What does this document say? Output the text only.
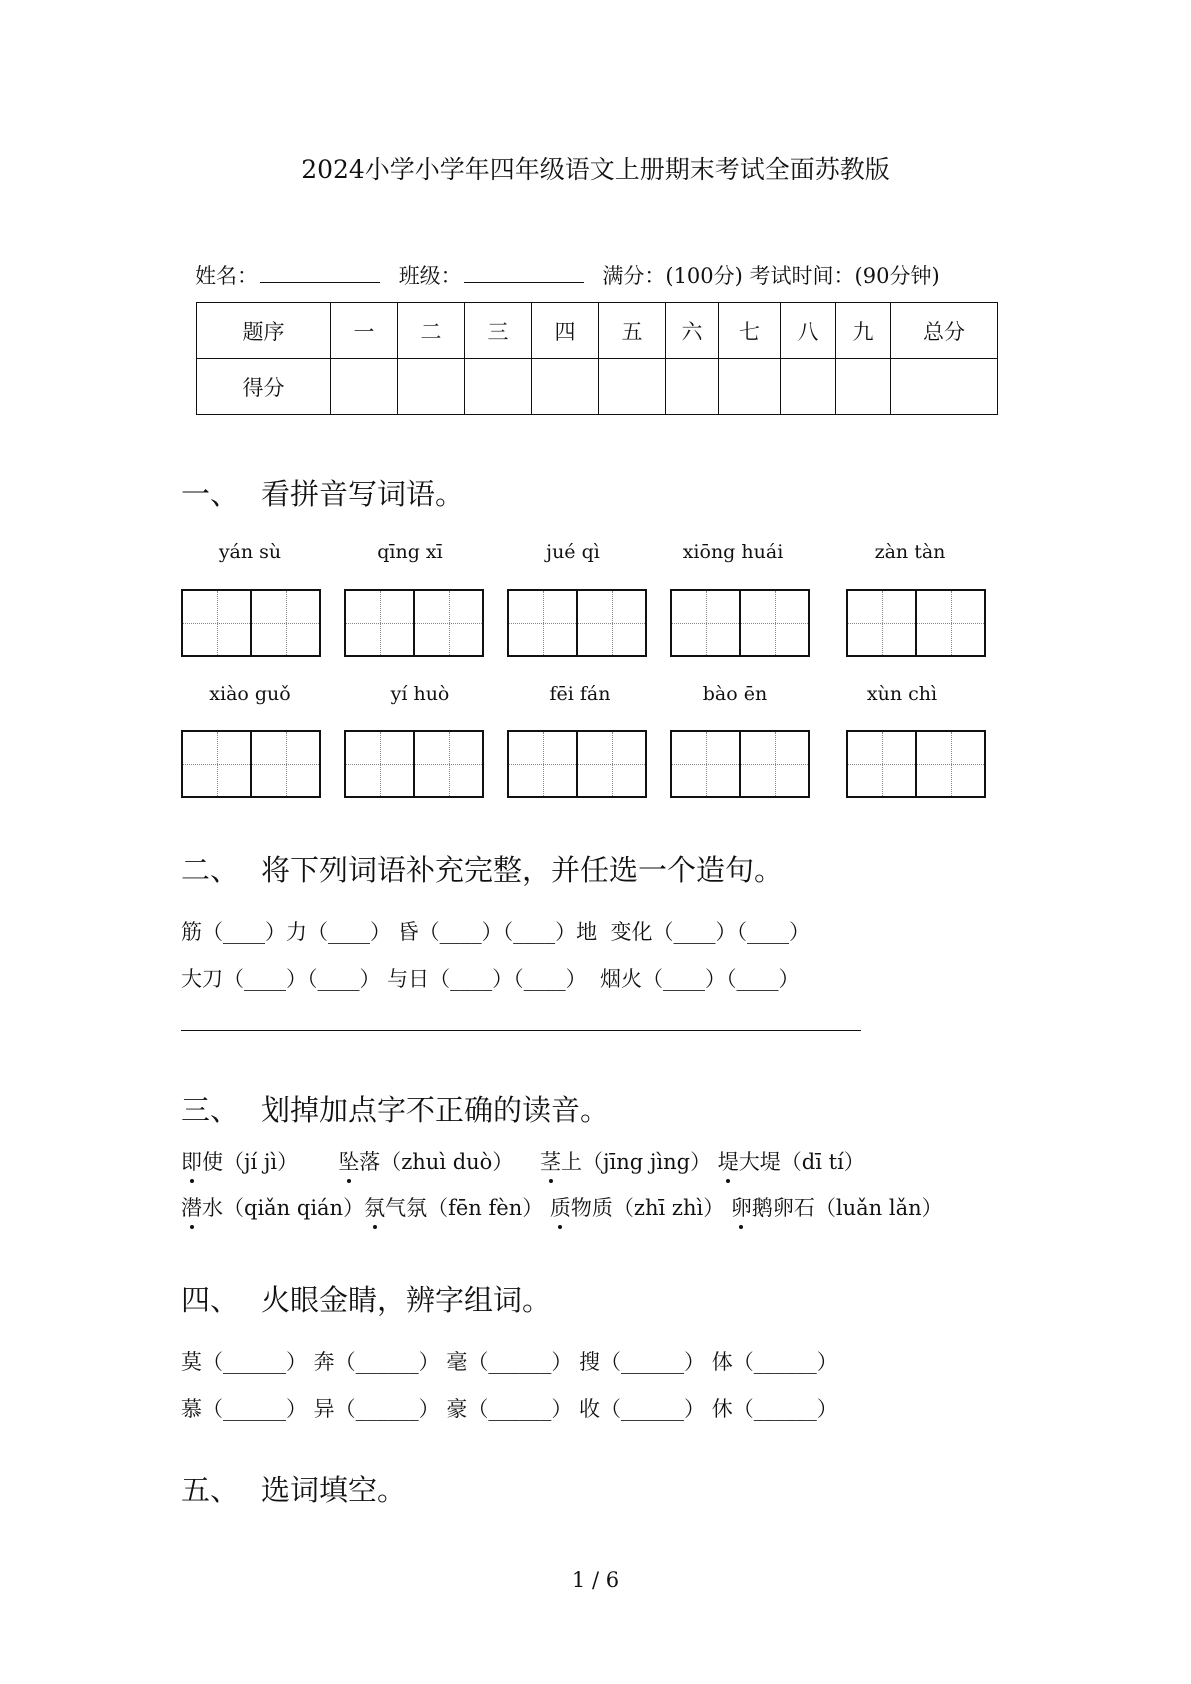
2024小学小学年四年级语文上册期末考试全面苏教版
姓名：	班级：	满分：(100分) 考试时间：(90分钟)
题序	一	二	三	四	五	六	七	八	九	总分
得分										
一、 看拼音写词语。
yán sù	qīng xī	jué qì	xiōng huái	zàn tàn
xiào guǒ	yí huò	fēi fán	bào ēn	xùn chì
二、 将下列词语补充完整，并任选一个造句。
筋（____）力（____） 昏（____）（____）地  变化（____）（____）
大刀（____）（____） 与日（____）（____）  烟火（____）（____）
三、 划掉加点字不正确的读音。
即使（jí jì） 坠落（zhuì duò） 茎上（jīng jìng） 堤大堤（dī tí）
潜水（qiǎn qián）氛气氛（fēn fèn） 质物质（zhī zhì） 卵鹅卵石（luǎn lǎn）
四、 火眼金睛，辨字组词。
莫（______） 奔（______） 毫（______） 搜（______） 体（______）
慕（______） 异（______） 豪（______） 收（______） 休（______）
五、 选词填空。
1 / 6
